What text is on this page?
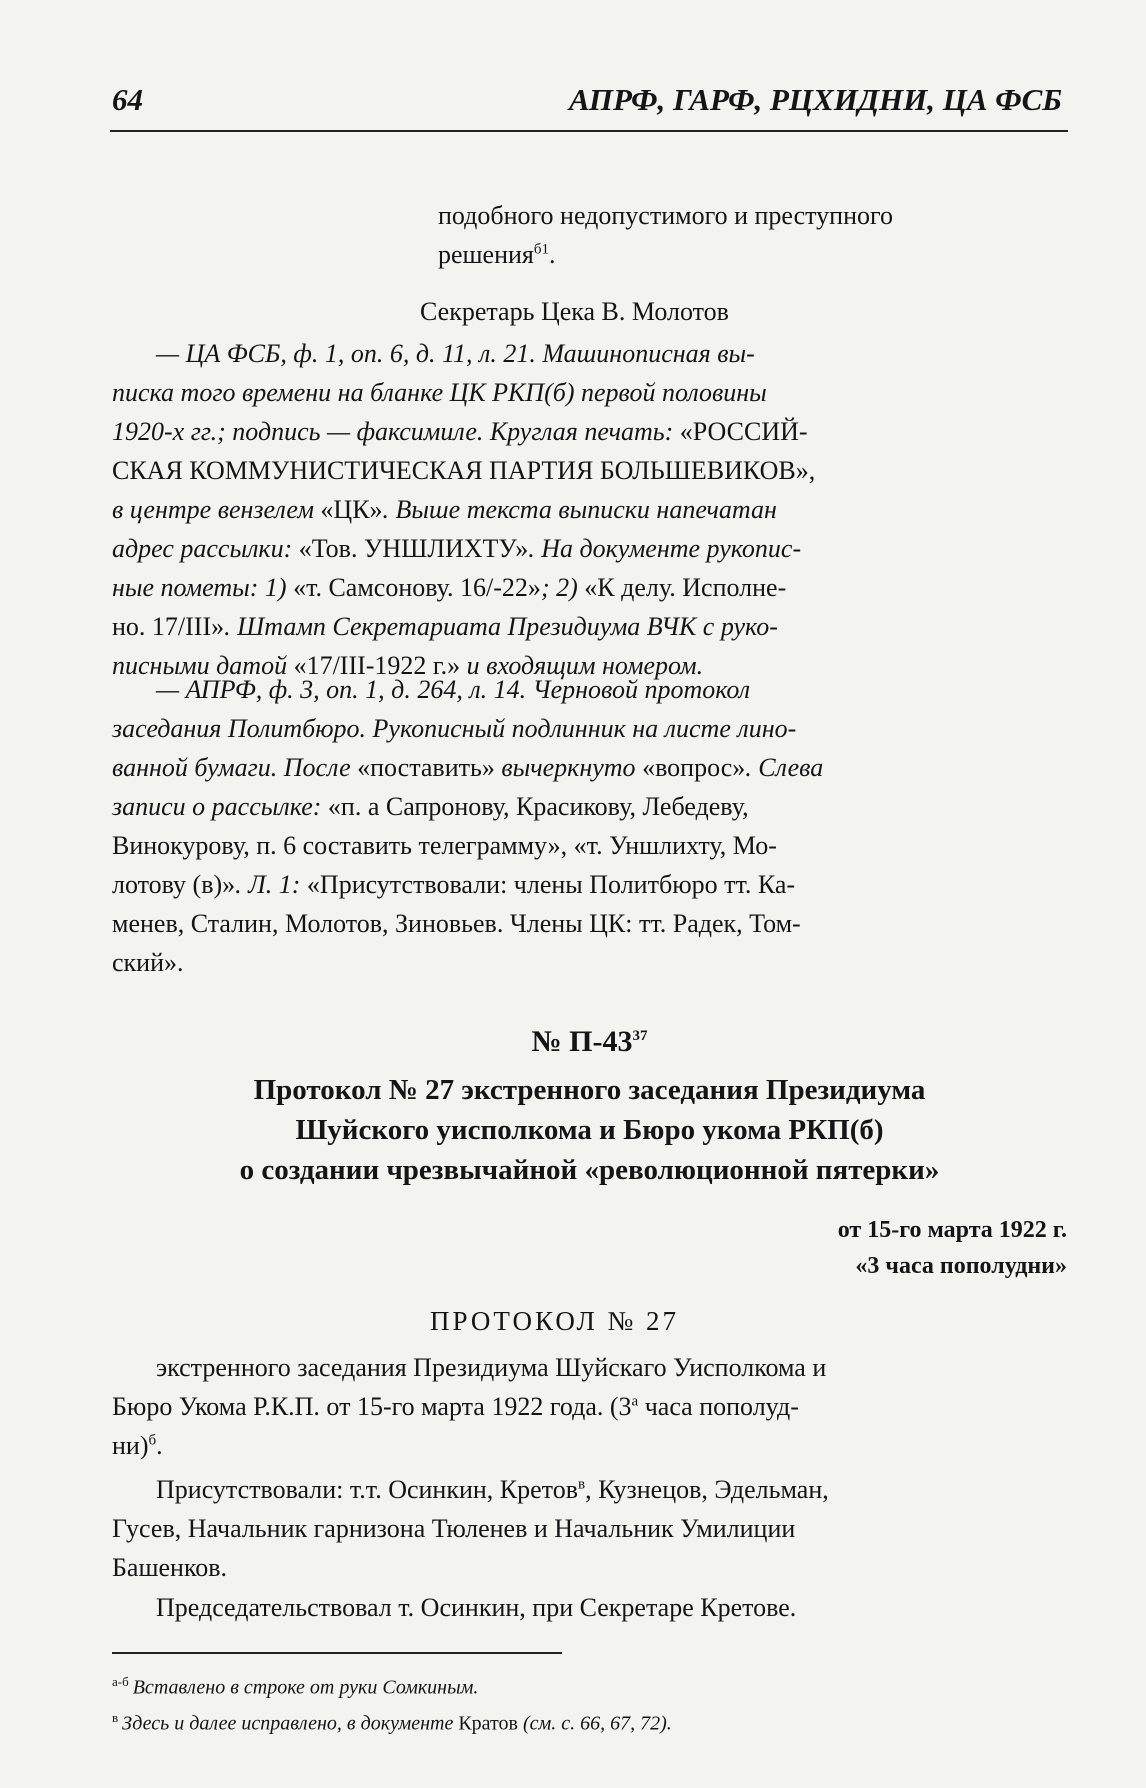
64	АПРФ, ГАРФ, РЦХИДНИ, ЦА ФСБ

подобного недопустимого и преступного

решения$^{б1}$.

Секретарь Цека В. Молотов

— ЦА ФСБ, ф. 1, оп. 6, д. 11, л. 21. Машинописная вы-

писка того времени на бланке ЦК РКП(б) первой половины

1920-х гг.; подпись — факсимиле. Круглая печать: «РОССИЙ-

СКАЯ КОММУНИСТИЧЕСКАЯ ПАРТИЯ БОЛЬШЕВИКОВ»,

в центре вензелем «ЦК». Выше текста выписки напечатан

адрес рассылки: «Тов. УНШЛИХТУ». На документе рукопис-

ные пометы: 1) «т. Самсонову. 16/-22»; 2) «К делу. Исполне-

но. 17/III». Штамп Секретариата Президиума ВЧК с руко-

писными датой «17/III-1922 г.» и входящим номером.

— АПРФ, ф. 3, оп. 1, д. 264, л. 14. Черновой протокол

заседания Политбюро. Рукописный подлинник на листе лино-

ванной бумаги. После «поставить» вычеркнуто «вопрос». Слева

записи о рассылке: «п. а Сапронову, Красикову, Лебедеву,

Винокурову, п. 6 составить телеграмму», «т. Уншлихту, Мо-

лотову (в)». Л. 1: «Присутствовали: члены Политбюро тт. Ка-

менев, Сталин, Молотов, Зиновьев. Члены ЦК: тт. Радек, Том-

ский».

№ $П-43^{37}$

Протокол № 27 экстренного заседания Президиума

Шуйского уисполкома и Бюро укома РКП(б)

о создании чрезвычайной «революционной пятерки»

от 15-го марта 1922 г.

«3 часа пополудни»

ПРОТОКОЛ № 27

экстренного заседания Президиума Шуйскаго Уисполкома и

Бюро Укома Р.К.П. от 15-го марта 1922 года. ($3^а$ часа пополуд-

ни)$^б$.

Присутствовали: т.т. Осинкин, Кретов$^в$, Кузнецов, Эдельман,

Гусев, Начальник гарнизона Тюленев и Начальник Умилиции

Башенков.

Председательствовал т. Осинкин, при Секретаре Кретове.

$^{а-б}$ Вставлено в строке от руки Сомкиным.
$^в$ Здесь и далее исправлено, в документе Кратов (см. с. 66, 67, 72).
